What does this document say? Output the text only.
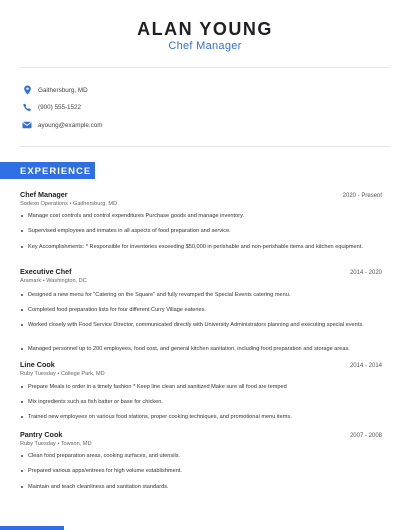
ALAN YOUNG
Chef Manager
Gaithersburg, MD
(900) 555-1522
ayoung@example.com
EXPERIENCE
Chef Manager	2020 - Present
Sodexo Operations • Gaithersburg, MD
Manage cost controls and control expenditures Purchase goods and manage inventory.
Supervised employees and inmates in all aspects of food preparation and service.
Key Accomplishments: * Responsible for inventories exceeding $50,000 in perishable and non-perishable items and kitchen equipment.
Executive Chef	2014 - 2020
Aramark • Washington, DC
Designed a new menu for "Catering on the Square" and fully revamped the Special Events catering menu.
Completed food preparation lists for four different Curry Village eateries.
Worked closely with Food Service Director, communicated directly with University Administrators planning and executing special events.
Managed personnel up to 200 employees, food cost, and general kitchen sanitation, including food preparation and storage areas.
Line Cook	2014 - 2014
Ruby Tuesday • College Park, MD
Prepare Meals to order in a timely fashion * Keep line clean and sanitized Make sure all food are temped
Mix ingredients such as fish batter or base for chicken.
Trained new employees on various food stations, proper cooking techniques, and promotional menu items.
Pantry Cook	2007 - 2008
Ruby Tuesday • Towson, MD
Clean food preparation areas, cooking surfaces, and utensils.
Prepared various apps/entrees for high volume establishment.
Maintain and teach cleanliness and sanitation standards.
